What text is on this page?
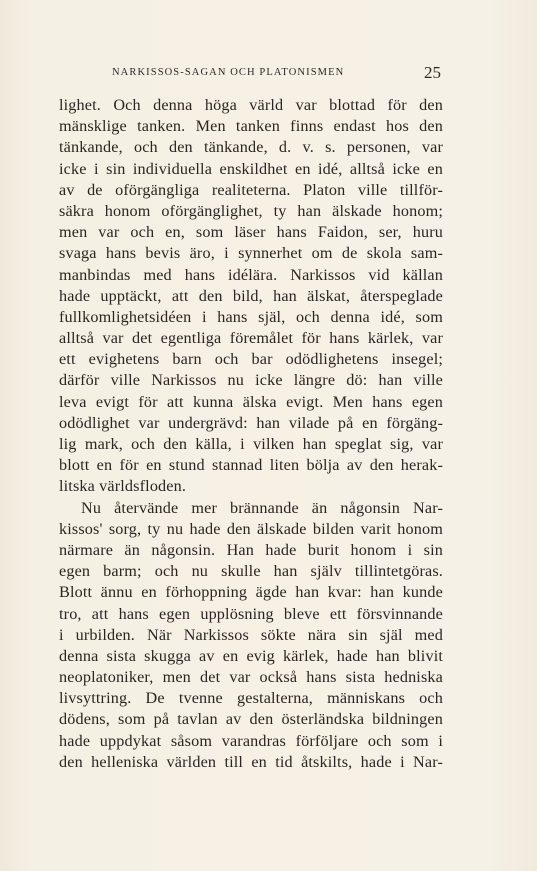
NARKISSOS-SAGAN OCH PLATONISMEN	25
lighet. Och denna höga värld var blottad för den
mänsklige tanken. Men tanken finns endast hos den
tänkande, och den tänkande, d. v. s. personen, var
icke i sin individuella enskildhet en idé, alltså icke en
av de oförgängliga realiteterna. Platon ville tillför-
säkra honom oförgänglighet, ty han älskade honom;
men var och en, som läser hans Faidon, ser, huru
svaga hans bevis äro, i synnerhet om de skola sam-
manbindas med hans idélära. Narkissos vid källan
hade upptäckt, att den bild, han älskat, återspeglade
fullkomlighetsidéen i hans själ, och denna idé, som
alltså var det egentliga föremålet för hans kärlek, var
ett evighetens barn och bar odödlighetens insegel;
därför ville Narkissos nu icke längre dö: han ville
leva evigt för att kunna älska evigt. Men hans egen
odödlighet var undergrävd: han vilade på en förgäng-
lig mark, och den källa, i vilken han speglat sig, var
blott en för en stund stannad liten bölja av den herak-
litska världsfloden.
Nu återvände mer brännande än någonsin Nar-
kissos' sorg, ty nu hade den älskade bilden varit honom
närmare än någonsin. Han hade burit honom i sin
egen barm; och nu skulle han själv tillintetgöras.
Blott ännu en förhoppning ägde han kvar: han kunde
tro, att hans egen upplösning bleve ett försvinnande
i urbilden. När Narkissos sökte nära sin själ med
denna sista skugga av en evig kärlek, hade han blivit
neoplatoniker, men det var också hans sista hedniska
livsyttring. De tvenne gestalterna, människans och
dödens, som på tavlan av den österländska bildningen
hade uppdykat såsom varandras förföljare och som i
den helleniska världen till en tid åtskilts, hade i Nar-
